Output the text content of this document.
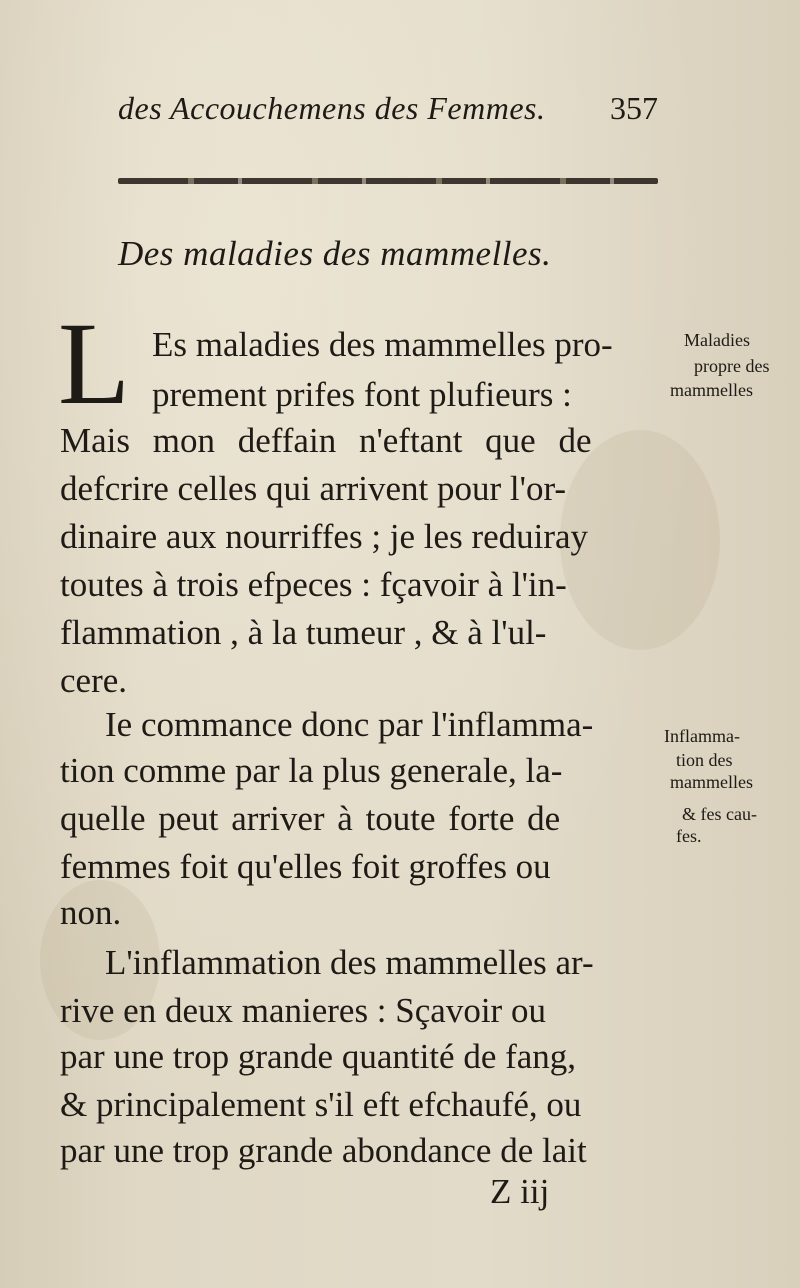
des Accouchemens des Femmes. 357
Des maladies des mammelles.
L Es maladies des mammelles pro-
prement prifes font plufieurs :
Mais mon deffain n'eftant que de
defcrire celles qui arrivent pour l'or-
dinaire aux nourriffes ; je les reduiray
toutes à trois efpeces : fçavoir à l'in-
flammation , à la tumeur , & à l'ul-
cere.
Ie commance donc par l'inflamma-
tion comme par la plus generale, la-
quelle peut arriver à toute forte de
femmes foit qu'elles foit groffes ou
non.
L'inflammation des mammelles ar-
rive en deux manieres : Sçavoir ou
par une trop grande quantité de fang,
& principalement s'il eft efchaufé, ou
par une trop grande abondance de lait
Maladies
propre des
mammelles
Inflamma-
tion des
mammelles
& fes cau-
fes.
Z iij
